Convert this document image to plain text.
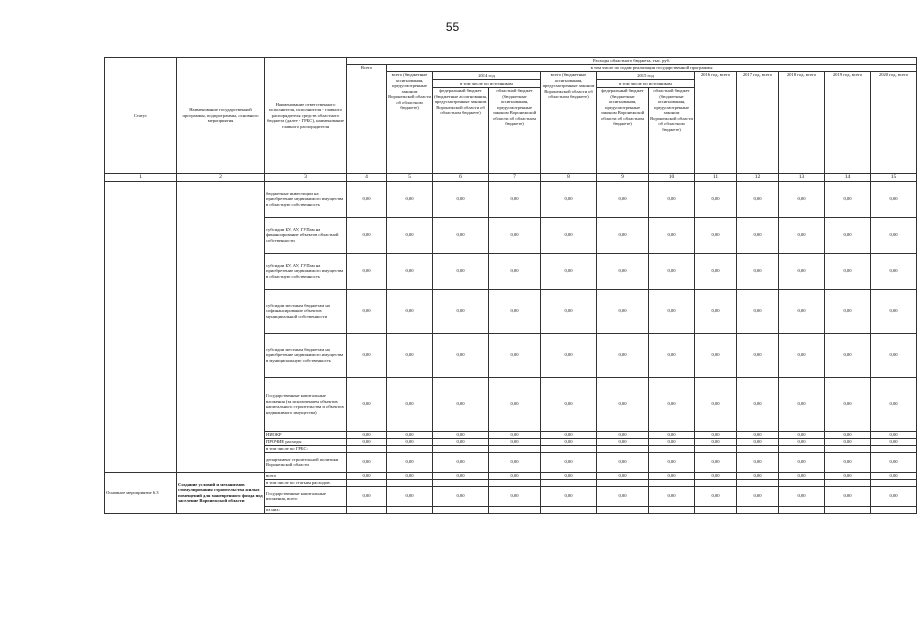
55
Статус	Наименование государственной программы, подпрограммы, основного мероприятия	Наименование ответственного исполнителя, исполнителя - главного распорядителя средств областного бюджета (далее - ГРБС), наименование главного распорядителя	Расходы областного бюджета, тыс. руб.											
			Всего	в том числе по годам реализации государственной программы										
				всего (бюджетные ассигнования, предусмотренные законом Воронежской области об областном бюджете)	2014 год		всего (бюджетные ассигнования, предусмотренные законом Воронежской области об областном бюджете)	2015 год		2016 год, всего	2017 год, всего	2018 год, всего	2019 год, всего	2020 год, всего
					в том числе по источникам			в том числе по источникам						
					федеральный бюджет (бюджетные ассигнования, предусмотренные законом Воронежской области об областном бюджете)	областной бюджет (бюджетные ассигнования, предусмотренные законом Воронежской области об областном бюджете)		федеральный бюджет (бюджетные ассигнования, предусмотренные законом Воронежской области об областном бюджете)	областной бюджет (бюджетные ассигнования, предусмотренные законом Воронежской области об областном бюджете)					
1	2	3	4	5	6	7	8	9	10	11	12	13	14	15
		бюджетные инвестиции на приобретение недвижимого имущества в областную собственность	0,00	0,00	0,00	0,00	0,00	0,00	0,00	0,00	0,00	0,00	0,00	0,00
		субсидии БУ, АУ, ГУПам на финансирование объектов областной собственности	0,00	0,00	0,00	0,00	0,00	0,00	0,00	0,00	0,00	0,00	0,00	0,00
		субсидии БУ, АУ, ГУПам на приобретение недвижимого имущества в областную собственность	0,00	0,00	0,00	0,00	0,00	0,00	0,00	0,00	0,00	0,00	0,00	0,00
		субсидии местным бюджетам на софинансирование объектов муниципальной собственности	0,00	0,00	0,00	0,00	0,00	0,00	0,00	0,00	0,00	0,00	0,00	0,00
		субсидии местным бюджетам на приобретение недвижимого имущества в муниципальную собственность	0,00	0,00	0,00	0,00	0,00	0,00	0,00	0,00	0,00	0,00	0,00	0,00
		Государственные капитальные вложения (за исключением объектов капитального строительства и объектов недвижимого имущества)	0,00	0,00	0,00	0,00	0,00	0,00	0,00	0,00	0,00	0,00	0,00	0,00
		НИОКР	0,00	0,00	0,00	0,00	0,00	0,00	0,00	0,00	0,00	0,00	0,00	0,00
		ПРОЧИЕ расходы	0,00	0,00	0,00	0,00	0,00	0,00	0,00	0,00	0,00	0,00	0,00	0,00
		в том числе по ГРБС:												
		департамент строительной политики Воронежской области	0,00	0,00	0,00	0,00	0,00	0,00	0,00	0,00	0,00	0,00	0,00	0,00
Основное мероприятие 6.3	Создание условий и механизмов стимулирования строительства жилых помещений для маневренного фонда под заселение Воронежской области	всего	0,00	0,00	0,00	0,00	0,00	0,00	0,00	0,00	0,00	0,00	0,00	0,00
		в том числе по статьям расходов:												
		Государственные капитальные вложения, всего	0,00	0,00	0,00	0,00	0,00	0,00	0,00	0,00	0,00	0,00	0,00	0,00
		из них:												
